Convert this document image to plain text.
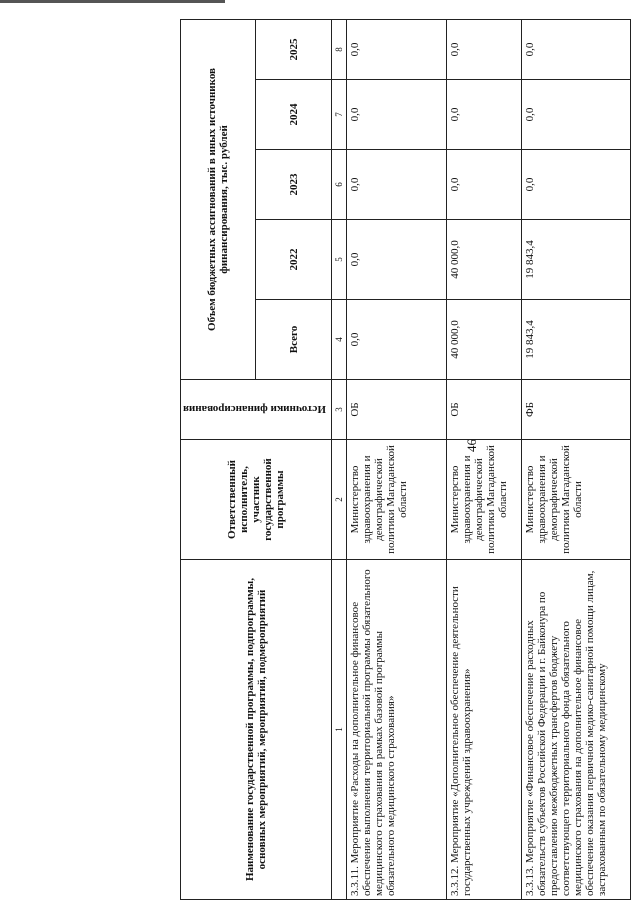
46
Наименование государственной программы, подпрограммы, основных мероприятий, мероприятий, подмероприятий	Ответственный исполнитель, участник государственной программы	Источники финансирования	Объем бюджетных ассигнований в иных источников финансирования, тыс. рублей				
			Всего	2022	2023	2024	2025
1	2	3	4	5	6	7	8
3.3.11. Мероприятие «Расходы на дополнительное финансовое обеспечение выполнения территориальной программы обязательного медицинского страхования в рамках базовой программы обязательного медицинского страхования»	Министерство здравоохранения и демографической политики Магаданской области	ОБ	0,0	0,0	0,0	0,0	0,0
3.3.12. Мероприятие «Дополнительное обеспечение деятельности государственных учреждений здравоохранения»	Министерство здравоохранения и демографической политики Магаданской области	ОБ	40 000,0	40 000,0	0,0	0,0	0,0
3.3.13. Мероприятие «Финансовое обеспечение расходных обязательств субъектов Российской Федерации и г. Байконура по предоставлению межбюджетных трансфертов бюджету соответствующего территориального фонда обязательного медицинского страхования на дополнительное финансовое обеспечение оказания первичной медико-санитарной помощи лицам, застрахованным по обязательному медицинскому	Министерство здравоохранения и демографической политики Магаданской области	ФБ	19 843,4	19 843,4	0,0	0,0	0,0
